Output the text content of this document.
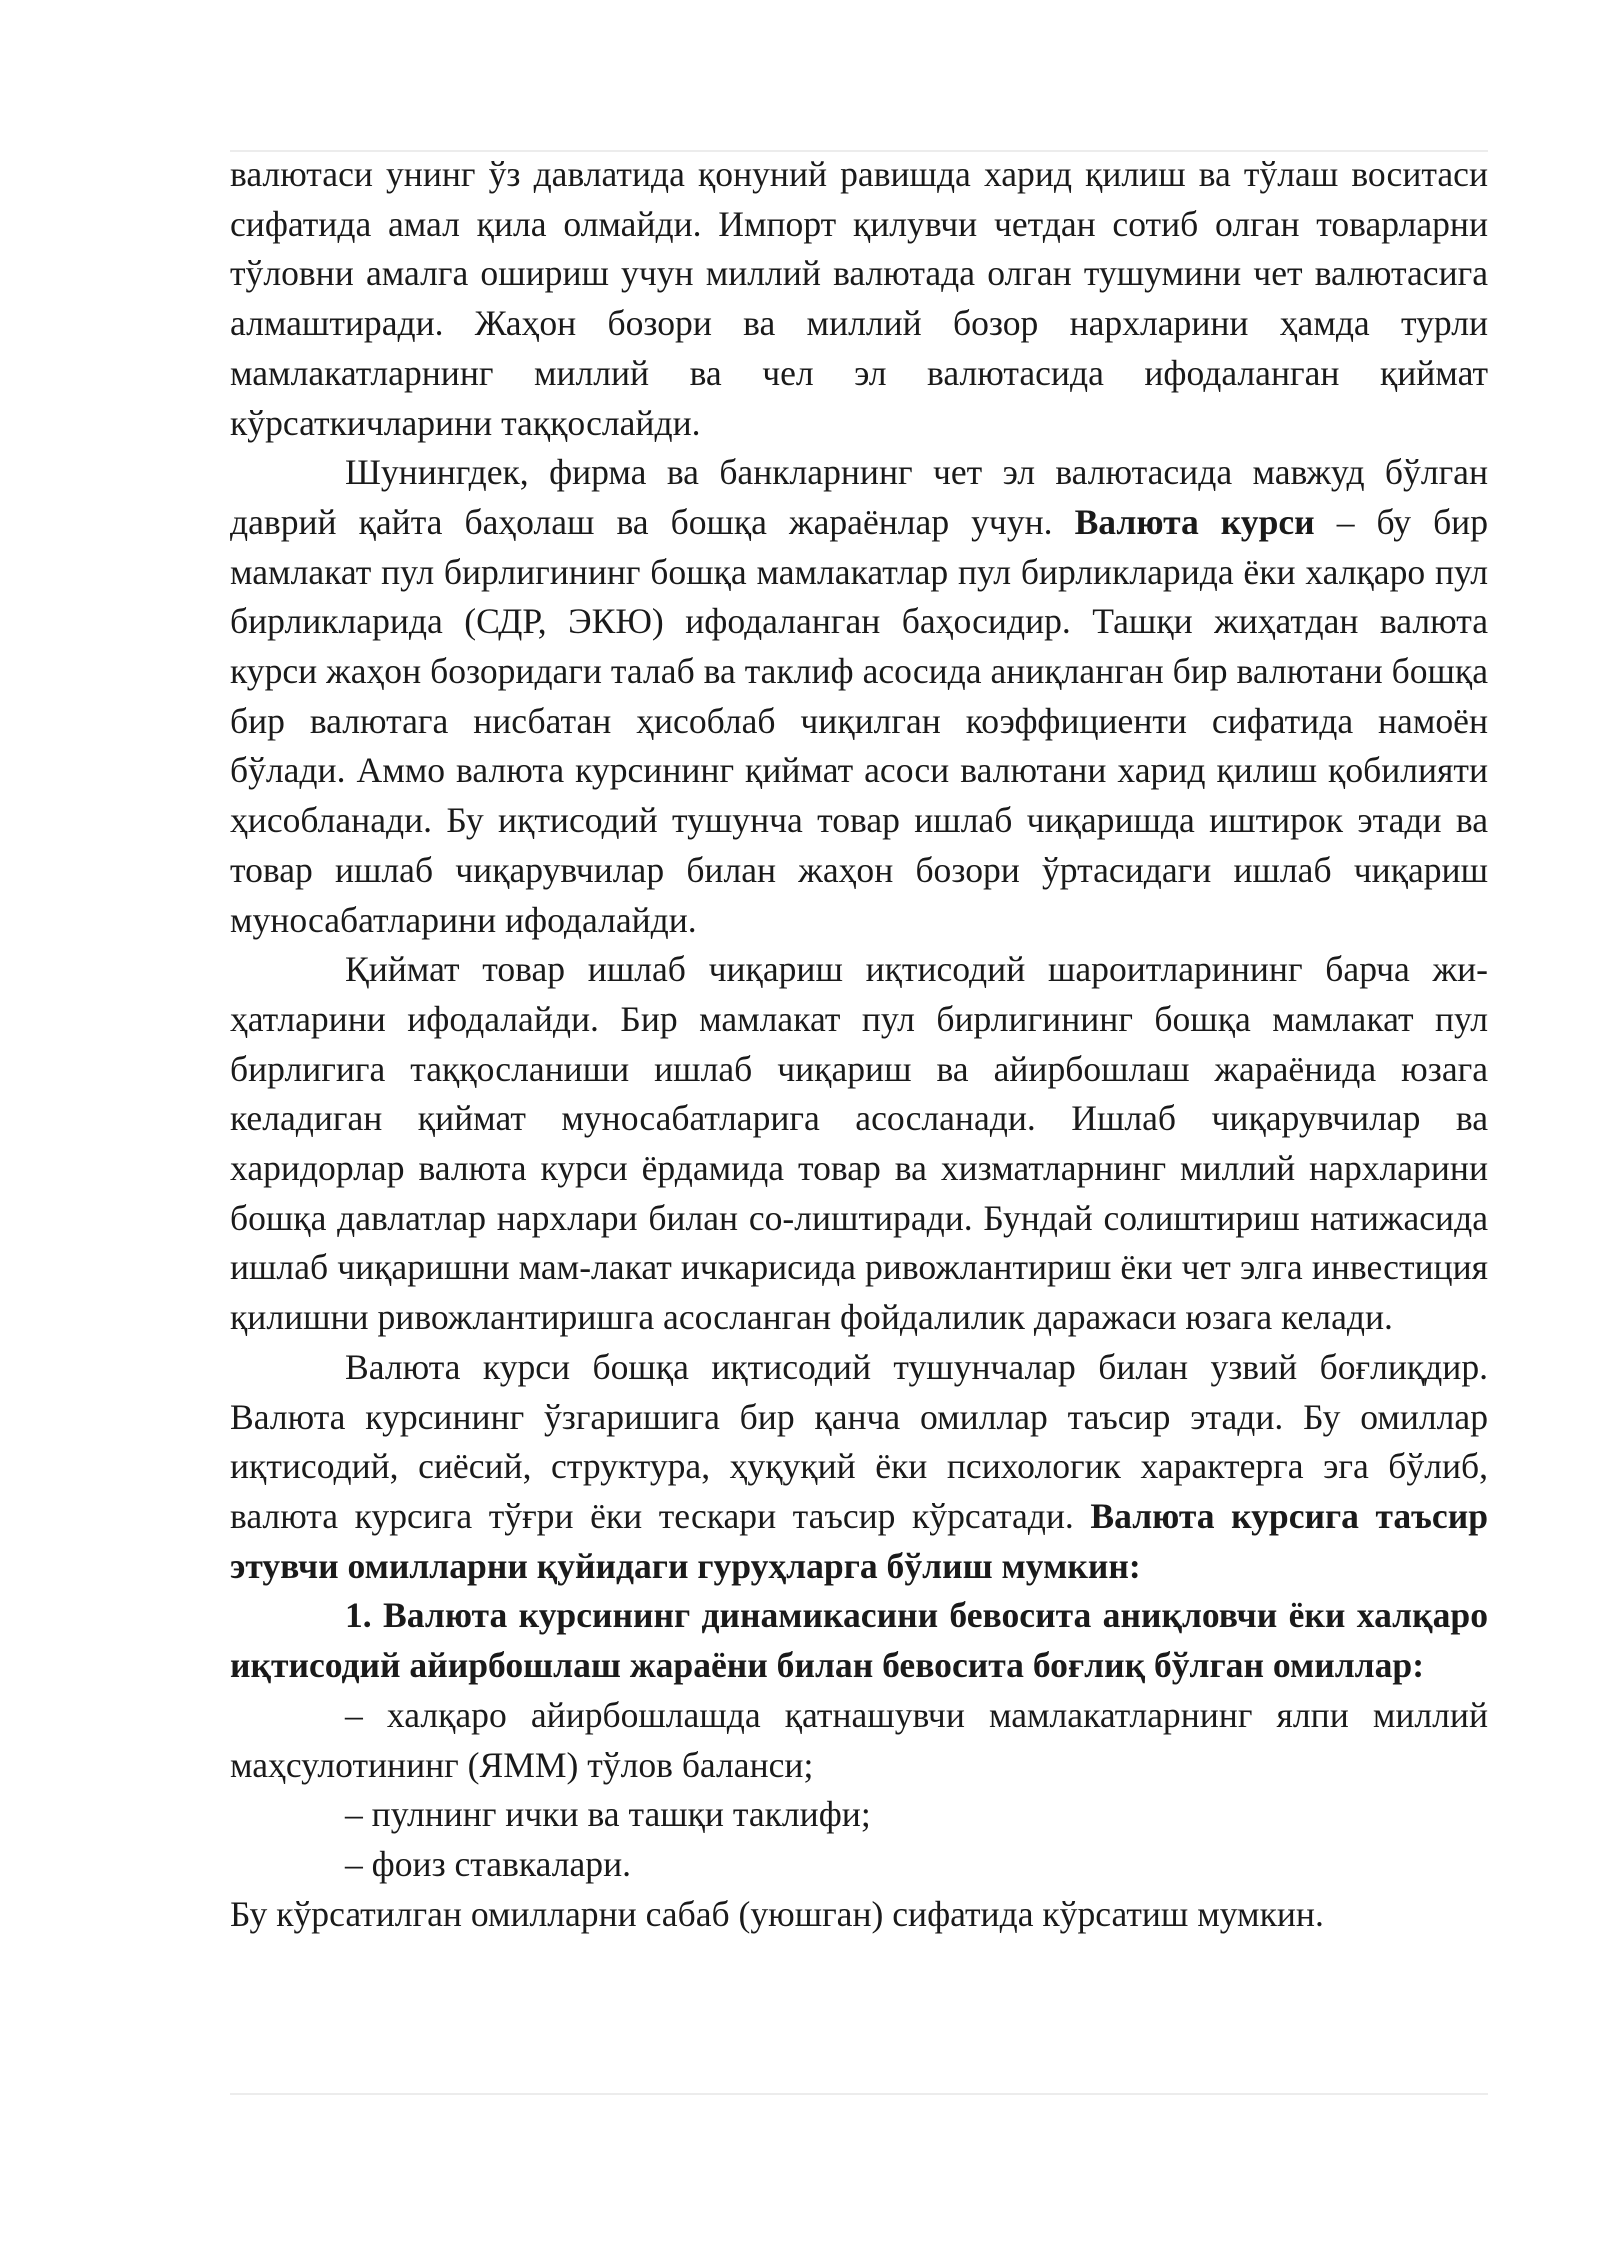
валютаси унинг ўз давлатида қонуний равишда харид қилиш ва тўлаш воситаси сифатида амал қила олмайди. Импорт қилувчи четдан сотиб олган товарларни тўловни амалга ошириш учун миллий валютада олган тушумини чет валютасига алмаштиради. Жаҳон бозори ва миллий бозор нархларини ҳамда турли мамлакатларнинг миллий ва чел эл валютасида ифодаланган қиймат кўрсаткичларини таққослайди.

Шунингдек, фирма ва банкларнинг чет эл валютасида мавжуд бўлган даврий қайта баҳолаш ва бошқа жараёнлар учун. Валюта курси – бу бир мамлакат пул бирлигининг бошқа мамлакатлар пул бирликларида ёки халқаро пул бирликларида (СДР, ЭКЮ) ифодаланган баҳосидир. Ташқи жиҳатдан валюта курси жаҳон бозоридаги талаб ва таклиф асосида аниқланган бир валютани бошқа бир валютага нисбатан ҳисоблаб чиқилган коэффициенти сифатида намоён бўлади. Аммо валюта курсининг қиймат асоси валютани харид қилиш қобилияти ҳисобланади. Бу иқтисодий тушунча товар ишлаб чиқаришда иштирок этади ва товар ишлаб чиқарувчилар билан жаҳон бозори ўртасидаги ишлаб чиқариш муносабатларини ифодалайди.

Қиймат товар ишлаб чиқариш иқтисодий шароитларининг барча жи-ҳатларини ифодалайди. Бир мамлакат пул бирлигининг бошқа мамлакат пул бирлигига таққосланиши ишлаб чиқариш ва айирбошлаш жараёнида юзага келадиган қиймат муносабатларига асосланади. Ишлаб чиқарувчилар ва харидорлар валюта курси ёрдамида товар ва хизматларнинг миллий нархларини бошқа давлатлар нархлари билан со-лиштиради. Бундай солиштириш натижасида ишлаб чиқаришни мам-лакат ичкарисида ривожлантириш ёки чет элга инвестиция қилишни ривожлантиришга асосланган фойдалилик даражаси юзага келади.

Валюта курси бошқа иқтисодий тушунчалар билан узвий боғлиқдир. Валюта курсининг ўзгаришига бир қанча омиллар таъсир этади. Бу омиллар иқтисодий, сиёсий, структура, ҳуқуқий ёки психологик характерга эга бўлиб, валюта курсига тўғри ёки тескари таъсир кўрсатади. Валюта курсига таъсир этувчи омилларни қуйидаги гуруҳларга бўлиш мумкин:

1. Валюта курсининг динамикасини бевосита аниқловчи ёки халқаро иқтисодий айирбошлаш жараёни билан бевосита боғлиқ бўлган омиллар:

– халқаро айирбошлашда қатнашувчи мамлакатларнинг ялпи миллий маҳсулотининг (ЯММ) тўлов баланси;

– пулнинг ички ва ташқи таклифи;

– фоиз ставкалари.

Бу кўрсатилган омилларни сабаб (уюшган) сифатида кўрсатиш мумкин.
